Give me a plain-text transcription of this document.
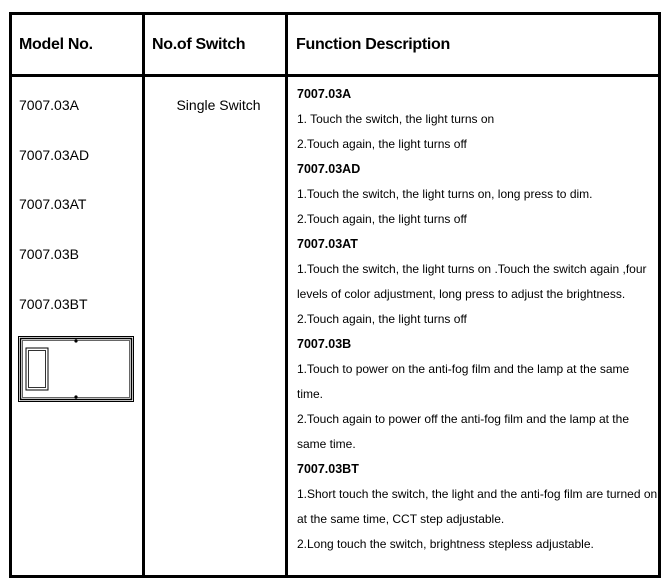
Model No.	No.of Switch	Function Description
7007.03A
7007.03AD
7007.03AT
7007.03B
7007.03BT
Single Switch
7007.03A
1. Touch the switch, the light turns on
2.Touch again, the light turns off
7007.03AD
1.Touch the switch, the light turns on, long press to dim.
2.Touch again, the light turns off
7007.03AT
1.Touch the switch, the light turns on .Touch the switch again ,four
levels of color adjustment, long press to adjust the brightness.
2.Touch again, the light turns off
7007.03B
1.Touch to power on the anti-fog film and the lamp at the same
time.
2.Touch again to power off the anti-fog film and the lamp at the
same time.
7007.03BT
1.Short touch the switch, the light and the anti-fog film are turned on
at the same time, CCT step adjustable.
2.Long touch the switch, brightness stepless adjustable.
